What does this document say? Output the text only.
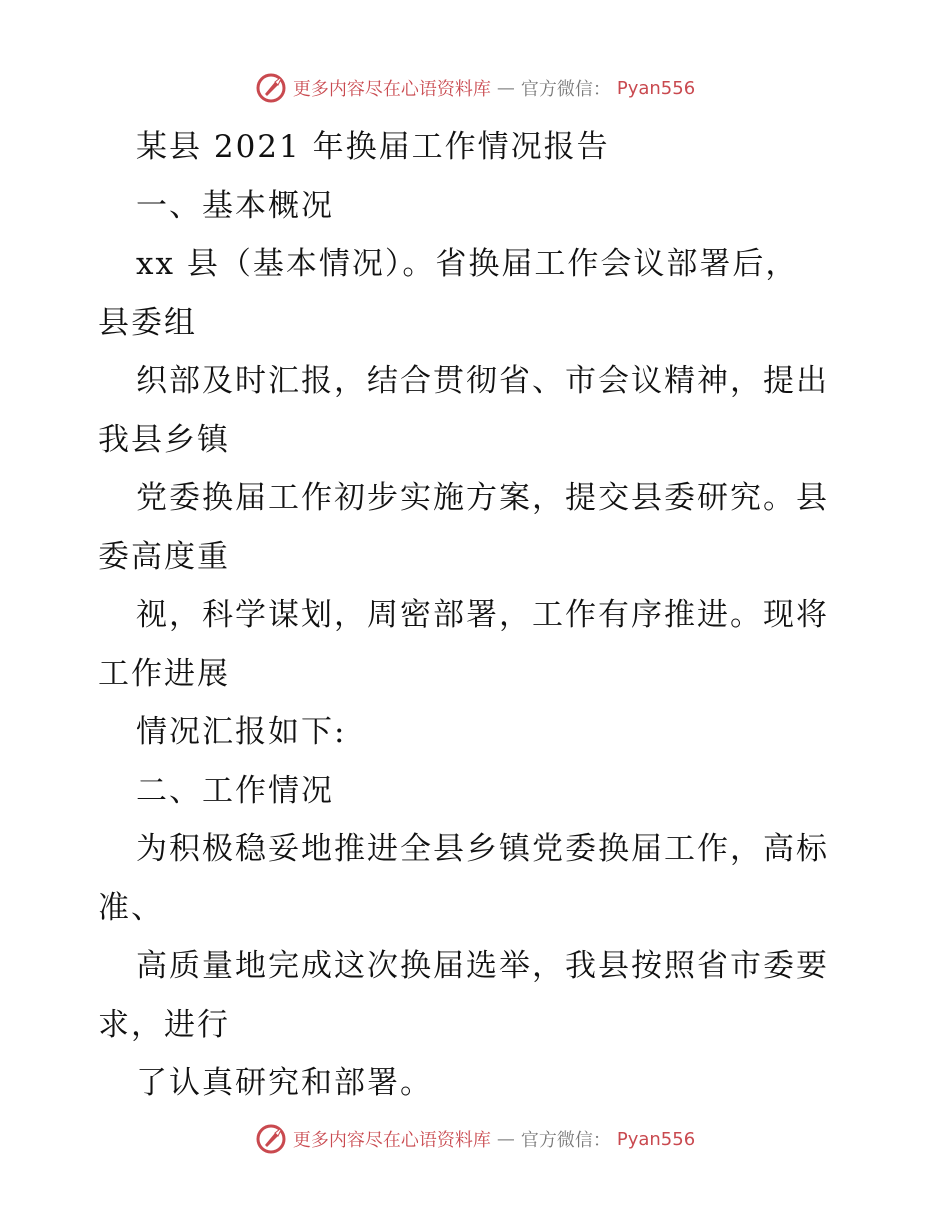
更多内容尽在心语资料库 — 官方微信： Pyan556
某县 2021 年换届工作情况报告
一、基本概况
xx 县（基本情况）。省换届工作会议部署后，
县委组
织部及时汇报，结合贯彻省、市会议精神，提出
我县乡镇
党委换届工作初步实施方案，提交县委研究。县
委高度重
视，科学谋划，周密部署，工作有序推进。现将
工作进展
情况汇报如下:
二、工作情况
为积极稳妥地推进全县乡镇党委换届工作，高标
准、
高质量地完成这次换届选举，我县按照省市委要
求，进行
了认真研究和部署。
更多内容尽在心语资料库 — 官方微信： Pyan556
